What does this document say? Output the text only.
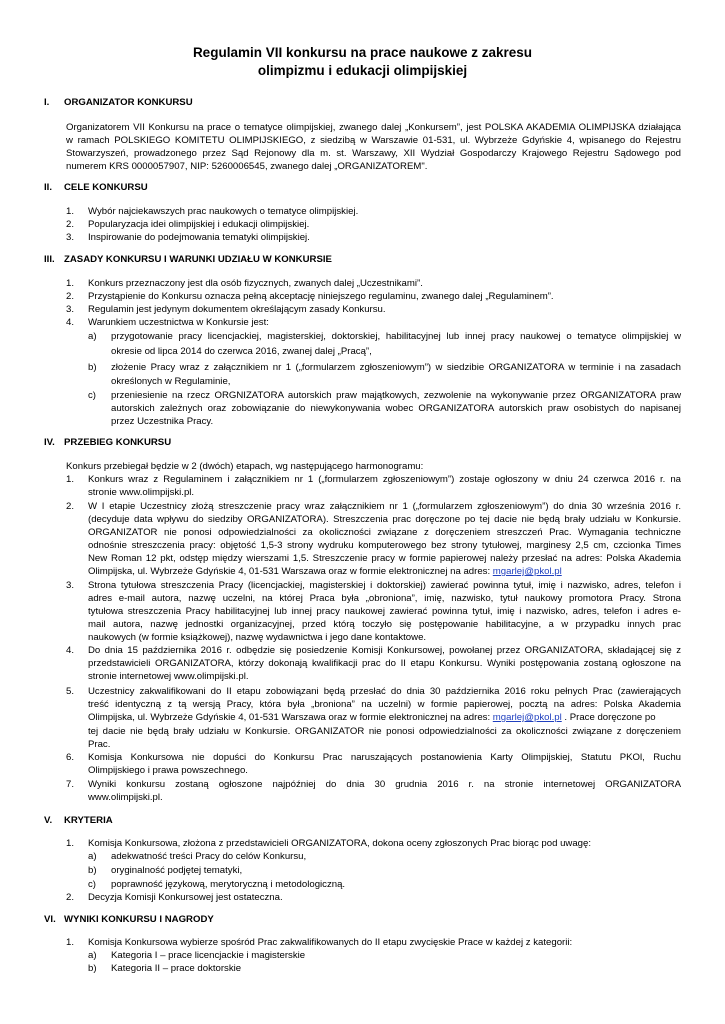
Regulamin VII konkursu na prace naukowe z zakresu
olimpizmu i edukacji olimpijskiej
I. ORGANIZATOR KONKURSU
Organizatorem VII Konkursu na prace o tematyce olimpijskiej, zwanego dalej „Konkursem”, jest POLSKA AKADEMIA OLIMPIJSKA działająca
w ramach POLSKIEGO KOMITETU OLIMPIJSKIEGO, z siedzibą w Warszawie 01-531, ul. Wybrzeże Gdyńskie 4, wpisanego do Rejestru
Stowarzyszeń, prowadzonego przez Sąd Rejonowy dla m. st. Warszawy, XII Wydział Gospodarczy Krajowego Rejestru Sądowego pod
numerem KRS 0000057907, NIP: 5260006545, zwanego dalej „ORGANIZATOREM".
II. CELE KONKURSU
1. Wybór najciekawszych prac naukowych o tematyce olimpijskiej.
2. Popularyzacja idei olimpijskiej i edukacji olimpijskiej.
3. Inspirowanie do podejmowania tematyki olimpijskiej.
III. ZASADY KONKURSU I WARUNKI UDZIAŁU W KONKURSIE
1. Konkurs przeznaczony jest dla osób fizycznych, zwanych dalej „Uczestnikami”.
2. Przystąpienie do Konkursu oznacza pełną akceptację niniejszego regulaminu, zwanego dalej „Regulaminem”.
3. Regulamin jest jedynym dokumentem określającym zasady Konkursu.
4. Warunkiem uczestnictwa w Konkursie jest:
a) przygotowanie pracy licencjackiej, magisterskiej, doktorskiej, habilitacyjnej lub innej pracy naukowej o tematyce olimpijskiej w
okresie od lipca 2014 do czerwca 2016, zwanej dalej „Pracą”,
b) złożenie Pracy wraz z załącznikiem nr 1 („formularzem zgłoszeniowym”) w siedzibie ORGANIZATORA w terminie i na zasadach
określonych w Regulaminie,
c) przeniesienie na rzecz ORGNIZATORA autorskich praw majątkowych, zezwolenie na wykonywanie przez ORGANIZATORA praw
autorskich zależnych oraz zobowiązanie do niewykonywania wobec ORGANIZATORA autorskich praw osobistych do napisanej
przez Uczestnika Pracy.
IV. PRZEBIEG KONKURSU
Konkurs przebiegał będzie w 2 (dwóch) etapach, wg następującego harmonogramu:
1. Konkurs wraz z Regulaminem i załącznikiem nr 1 („formularzem zgłoszeniowym”) zostaje ogłoszony w dniu 24 czerwca 2016 r. na
stronie www.olimpijski.pl.
2. W I etapie Uczestnicy złożą streszczenie pracy wraz załącznikiem nr 1 („formularzem zgłoszeniowym”) do dnia 30 września 2016 r.
(decyduje data wpływu do siedziby ORGANIZATORA). Streszczenia prac doręczone po tej dacie nie będą brały udziału w Konkursie.
ORGANIZATOR nie ponosi odpowiedzialności za okoliczności związane z doręczeniem streszczeń Prac. Wymagania techniczne
odnośnie streszczenia pracy: objętość 1,5-3 strony wydruku komputerowego bez strony tytułowej, marginesy 2,5 cm, czcionka Times
New Roman 12 pkt, odstęp między wierszami 1,5. Streszczenie pracy w formie papierowej należy przesłać na adres: Polska Akademia
Olimpijska, ul. Wybrzeże Gdyńskie 4, 01-531 Warszawa oraz w formie elektronicznej na adres: mgarlej@pkol.pl
3. Strona tytułowa streszczenia Pracy (licencjackiej, magisterskiej i doktorskiej) zawierać powinna tytuł, imię i nazwisko, adres, telefon i
adres e-mail autora, nazwę uczelni, na której Praca była „obroniona”, imię, nazwisko, tytuł naukowy promotora Pracy. Strona
tytułowa streszczenia Pracy habilitacyjnej lub innej pracy naukowej zawierać powinna tytuł, imię i nazwisko, adres, telefon i adres e-
mail autora, nazwę jednostki organizacyjnej, przed którą toczyło się postępowanie habilitacyjne, a w przypadku innych prac
naukowych (w formie książkowej), nazwę wydawnictwa i jego dane kontaktowe.
4. Do dnia 15 października 2016 r. odbędzie się posiedzenie Komisji Konkursowej, powołanej przez ORGANIZATORA, składającej się z
przedstawicieli ORGANIZATORA, którzy dokonają kwalifikacji prac do II etapu Konkursu. Wyniki postępowania zostaną ogłoszone na
stronie internetowej www.olimpijski.pl.
5. Uczestnicy zakwalifikowani do II etapu zobowiązani będą przesłać do dnia 30 października 2016 roku pełnych Prac (zawierających
treść identyczną z tą wersją Pracy, która była „broniona” na uczelni) w formie papierowej, pocztą na adres: Polska Akademia
Olimpijska, ul. Wybrzeże Gdyńskie 4, 01-531 Warszawa oraz w formie elektronicznej na adres: mgarlej@pkol.pl . Prace doręczone po
tej dacie nie będą brały udziału w Konkursie. ORGANIZATOR nie ponosi odpowiedzialności za okoliczności związane z doręczeniem
Prac.
6. Komisja Konkursowa nie dopuści do Konkursu Prac naruszających postanowienia Karty Olimpijskiej, Statutu PKOl, Ruchu
Olimpijskiego i prawa powszechnego.
7. Wyniki konkursu zostaną ogłoszone najpóźniej do dnia 30 grudnia 2016 r. na stronie internetowej ORGANIZATORA
www.olimpijski.pl.
V. KRYTERIA
1. Komisja Konkursowa, złożona z przedstawicieli ORGANIZATORA, dokona oceny zgłoszonych Prac biorąc pod uwagę:
a) adekwatność treści Pracy do celów Konkursu,
b) oryginalność podjętej tematyki,
c) poprawność językową, merytoryczną i metodologiczną.
2. Decyzja Komisji Konkursowej jest ostateczna.
VI. WYNIKI KONKURSU I NAGRODY
1. Komisja Konkursowa wybierze spośród Prac zakwalifikowanych do II etapu zwycięskie Prace w każdej z kategorii:
a) Kategoria I – prace licencjackie i magisterskie
b) Kategoria II – prace doktorskie
